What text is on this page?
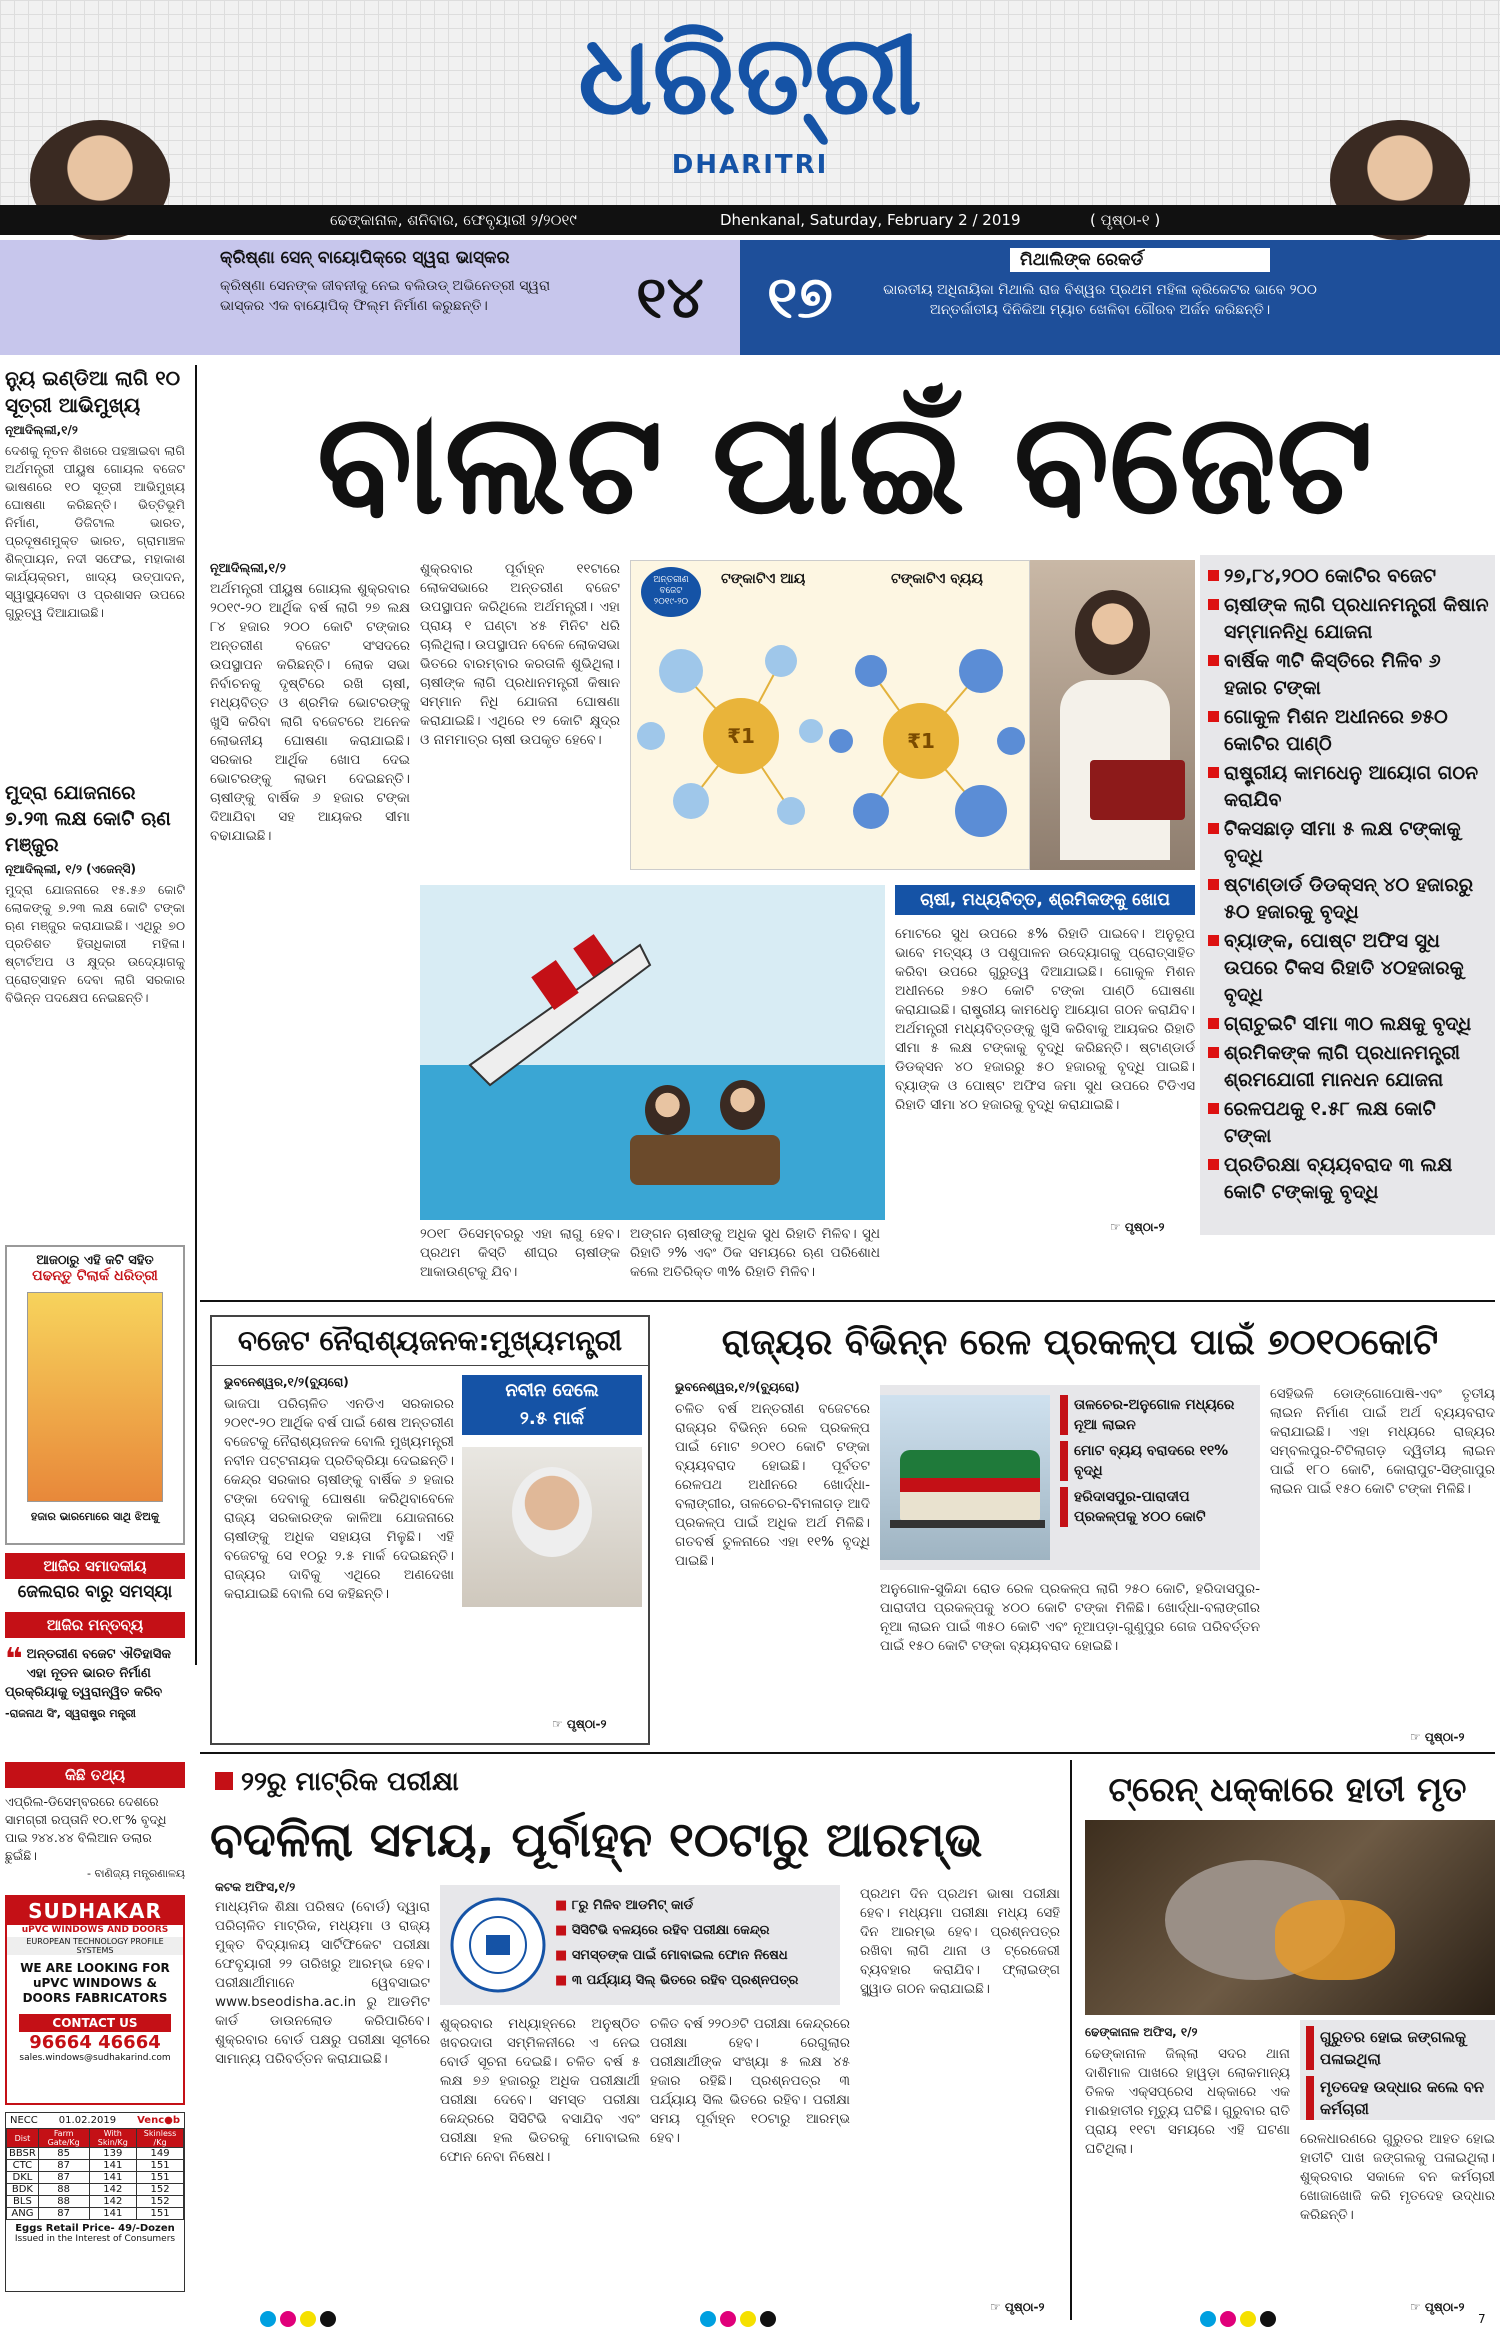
ଧରିତ୍ରୀ
DHARITRI
ଢେଙ୍କାନାଳ, ଶନିବାର, ଫେବୃୟାରୀ ୨/୨୦୧୯	Dhenkanal, Saturday, February 2 / 2019	( ପୃଷ୍ଠା-୧ )
କ୍ରିଷ୍ଣା ସେନ୍ ବାୟୋପିକ୍‌ରେ ସ୍ୱରା ଭାସ୍କର
କ୍ରିଷ୍ଣା ସେନଙ୍କ ଜୀବନୀକୁ ନେଇ ବଲିଉଡ୍ ଅଭିନେତ୍ରୀ ସ୍ୱରା ଭାସ୍କର ଏକ ବାୟୋପିକ୍ ଫିଲ୍ମ ନିର୍ମାଣ କରୁଛନ୍ତି।	୧୪	୧୭
ମିଥାଲିଙ୍କ ରେକର୍ଡ
ଭାରତୀୟ ଅଧିନାୟିକା ମିଥାଲି ରାଜ ବିଶ୍ୱର ପ୍ରଥମ ମହିଳା କ୍ରିକେଟର ଭାବେ ୨୦୦ ଅନ୍ତର୍ଜାତୀୟ ଦିନିକିଆ ମ୍ୟାଚ ଖେଳିବା ଗୌରବ ଅର୍ଜନ କରିଛନ୍ତି।
ନ୍ୟୁ ଇଣ୍ଡିଆ ଲାଗି ୧୦ ସୂତ୍ରୀ ଆଭିମୁଖ୍ୟ
ନୂଆଦିଲ୍ଲୀ,୧/୨
ଦେଶକୁ ନୂତନ ଶିଖରେ ପହଞ୍ଚାଇବା ଲାଗି ଅର୍ଥମନ୍ତ୍ରୀ ପୀୟୁଷ ଗୋୟଲ ବଜେଟ ଭାଷଣରେ ୧୦ ସୂତ୍ରୀ ଆଭିମୁଖ୍ୟ ଘୋଷଣା କରିଛନ୍ତି। ଭିତ୍ତିଭୂମି ନିର୍ମାଣ, ଡିଜିଟାଲ ଭାରତ, ପ୍ରଦୂଷଣମୁକ୍ତ ଭାରତ, ଗ୍ରାମାଞ୍ଚଳ ଶିଳ୍ପାୟନ, ନଦୀ ସଫେଇ, ମହାକାଶ କାର୍ଯ୍ୟକ୍ରମ, ଖାଦ୍ୟ ଉତ୍ପାଦନ, ସ୍ୱାସ୍ଥ୍ୟସେବା ଓ ପ୍ରଶାସନ ଉପରେ ଗୁରୁତ୍ୱ ଦିଆଯାଇଛି।
ମୁଦ୍ରା ଯୋଜନାରେ ୭.୨୩ ଲକ୍ଷ କୋଟି ଋଣ ମଞ୍ଜୁର
ନୂଆଦିଲ୍ଲୀ, ୧/୨ (ଏଜେନ୍ସି)
ମୁଦ୍ରା ଯୋଜନାରେ ୧୫.୫୬ କୋଟି ଲୋକଙ୍କୁ ୭.୨୩ ଲକ୍ଷ କୋଟି ଟଙ୍କା ଋଣ ମଞ୍ଜୁର କରାଯାଇଛି। ଏଥିରୁ ୭୦ ପ୍ରତିଶତ ହିତାଧିକାରୀ ମହିଳା। ଷ୍ଟାର୍ଟଅପ ଓ କ୍ଷୁଦ୍ର ଉଦ୍ୟୋଗକୁ ପ୍ରୋତ୍ସାହନ ଦେବା ଲାଗି ସରକାର ବିଭିନ୍ନ ପଦକ୍ଷେପ ନେଇଛନ୍ତି।
ଆଜଠାରୁ ଏହି କଟି ସହିତ
ପଢନ୍ତୁ ଟିଲାର୍କ ଧରିତ୍ରୀ
ହଜାର ଭାରମୋରେ ସାଥି ଝିଅକୁ
ଆଜିର ସମାଦକୀୟ
ଜେଲରାର ବାରୁ ସମସ୍ୟା
ଆଜିର ମନ୍ତବ୍ୟ
❝ ଅନ୍ତରୀଣ ବଜେଟ ଐତିହାସିକ ଏହା ନୂତନ ଭାରତ ନିର୍ମାଣ ପ୍ରକ୍ରିୟାକୁ ତ୍ୱରାନ୍ୱିତ କରିବ
-ରାଜନାଥ ସିଂ, ସ୍ୱରାଷ୍ଟ୍ର ମନ୍ତ୍ରୀ
କିଛି ତଥ୍ୟ
ଏପ୍ରିଲ-ଡିସେମ୍ବରରେ ଦେଶରେ ସାମଗ୍ରୀ ରପ୍ତାନି ୧୦.୧୮% ବୃଦ୍ଧି ପାଇ ୨୪୪.୪୪ ବିଲିଆନ ଡଲାର ଛୁଇଁଛି।
- ବାଣିଜ୍ୟ ମନ୍ତ୍ରଣାଳୟ
SUDHAKAR
uPVC WINDOWS AND DOORS
EUROPEAN TECHNOLOGY PROFILE SYSTEMS
WE ARE LOOKING FOR
uPVC WINDOWS &
DOORS FABRICATORS
CONTACT US
96664 46664
sales.windows@sudhakarind.com
NECC 01.02.2019 Venc●b
Dist	Farm Gate/Kg	With Skin/Kg	Skinless /Kg
BBSR	85	139	149
CTC	87	141	151
DKL	87	141	151
BDK	88	142	152
BLS	88	142	152
ANG	87	141	151
Eggs Retail Price- 49/-Dozen
Issued in the Interest of Consumers
ବାଲଟ ପାଇଁ ବଜେଟ
ନୂଆଦିଲ୍ଲୀ,୧/୨
ଅର୍ଥମନ୍ତ୍ରୀ ପୀୟୁଷ ଗୋୟଲ ଶୁକ୍ରବାର ୨୦୧୯-୨୦ ଆର୍ଥିକ ବର୍ଷ ଲାଗି ୨୭ ଲକ୍ଷ ୮୪ ହଜାର ୨୦୦ କୋଟି ଟଙ୍କାର ଅନ୍ତରୀଣ ବଜେଟ ସଂସଦରେ ଉପସ୍ଥାପନ କରିଛନ୍ତି। ଲୋକ ସଭା ନିର୍ବାଚନକୁ ଦୃଷ୍ଟିରେ ରଖି ଚାଷୀ, ମଧ୍ୟବିତ୍ତ ଓ ଶ୍ରମିକ ଭୋଟରଙ୍କୁ ଖୁସି କରିବା ଲାଗି ବଜେଟରେ ଅନେକ ଲୋଭନୀୟ ଘୋଷଣା କରାଯାଇଛି। ସରକାର ଆର୍ଥିକ ଖୋପ ଦେଇ ଭୋଟରଙ୍କୁ ଲାଭମ ଦେଇଛନ୍ତି। ଚାଷୀଙ୍କୁ ବାର୍ଷିକ ୬ ହଜାର ଟଙ୍କା ଦିଆଯିବା ସହ ଆୟକର ସୀମା ବଢାଯାଇଛି।
ଶୁକ୍ରବାର ପୂର୍ବାହ୍ନ ୧୧ଟାରେ ଲୋକସଭାରେ ଅନ୍ତରୀଣ ବଜେଟ ଉପସ୍ଥାପନ କରିଥିଲେ ଅର୍ଥମନ୍ତ୍ରୀ। ଏହା ପ୍ରାୟ ୧ ଘଣ୍ଟା ୪୫ ମିନିଟ ଧରି ଚାଲିଥିଲା। ଉପସ୍ଥାପନ ବେଳେ ଲୋକସଭା ଭିତରେ ବାରମ୍ବାର କରତାଳି ଶୁଭିଥିଲା। ଚାଷୀଙ୍କ ଲାଗି ପ୍ରଧାନମନ୍ତ୍ରୀ କିଷାନ ସମ୍ମାନ ନିଧି ଯୋଜନା ଘୋଷଣା କରାଯାଇଛି। ଏଥିରେ ୧୨ କୋଟି କ୍ଷୁଦ୍ର ଓ ନାମମାତ୍ର ଚାଷୀ ଉପକୃତ ହେବେ।
ଅନ୍ତରୀଣ ବଜେଟ ୨୦୧୯-୨୦
ଟଙ୍କାଟିଏ ଆୟ	ଟଙ୍କାଟିଏ ବ୍ୟୟ
₹1	₹1
୨୭,୮୪,୨୦୦ କୋଟିର ବଜେଟ
ଚାଷୀଙ୍କ ଲାଗି ପ୍ରଧାନମନ୍ତ୍ରୀ କିଷାନ ସମ୍ମାନନିଧି ଯୋଜନା
ବାର୍ଷିକ ୩ଟି କିସ୍ତିରେ ମିଳିବ ୬ ହଜାର ଟଙ୍କା
ଗୋକୁଳ ମିଶନ ଅଧୀନରେ ୭୫୦ କୋଟିର ପାଣ୍ଠି
ରାଷ୍ଟ୍ରୀୟ କାମଧେନୁ ଆୟୋଗ ଗଠନ କରାଯିବ
ଟିକସଛାଡ଼ ସୀମା ୫ ଲକ୍ଷ ଟଙ୍କାକୁ ବୃଦ୍ଧି
ଷ୍ଟାଣ୍ଡାର୍ଡ ଡିଡକ୍ସନ୍ ୪୦ ହଜାରରୁ ୫୦ ହଜାରକୁ ବୃଦ୍ଧି
ବ୍ୟାଙ୍କ, ପୋଷ୍ଟ ଅଫିସ ସୁଧ ଉପରେ ଟିକସ ରିହାତି ୪୦ହଜାରକୁ ବୃଦ୍ଧି
ଗ୍ରାଚୁଇଟି ସୀମା ୩୦ ଲକ୍ଷକୁ ବୃଦ୍ଧି
ଶ୍ରମିକଙ୍କ ଲାଗି ପ୍ରଧାନମନ୍ତ୍ରୀ ଶ୍ରମଯୋଗୀ ମାନଧନ ଯୋଜନା
ରେଳପଥକୁ ୧.୫୮ ଲକ୍ଷ କୋଟି ଟଙ୍କା
ପ୍ରତିରକ୍ଷା ବ୍ୟୟବରାଦ ୩ ଲକ୍ଷ କୋଟି ଟଙ୍କାକୁ ବୃଦ୍ଧି
ଚାଷୀ, ମଧ୍ୟବିତ୍ତ, ଶ୍ରମିକଙ୍କୁ ଖୋପ
ମୋଟରେ ସୁଧ ଉପରେ ୫% ରିହାତି ପାଇବେ। ଅନୁରୂପ ଭାବେ ମତ୍ସ୍ୟ ଓ ପଶୁପାଳନ ଉଦ୍ୟୋଗକୁ ପ୍ରୋତ୍ସାହିତ କରିବା ଉପରେ ଗୁରୁତ୍ୱ ଦିଆଯାଇଛି। ଗୋକୁଳ ମିଶନ ଅଧୀନରେ ୭୫୦ କୋଟି ଟଙ୍କା ପାଣ୍ଠି ଘୋଷଣା କରାଯାଇଛି। ରାଷ୍ଟ୍ରୀୟ କାମଧେନୁ ଆୟୋଗ ଗଠନ କରାଯିବ। ଅର୍ଥମନ୍ତ୍ରୀ ମଧ୍ୟବିତ୍ତଙ୍କୁ ଖୁସି କରିବାକୁ ଆୟକର ରିହାତି ସୀମା ୫ ଲକ୍ଷ ଟଙ୍କାକୁ ବୃଦ୍ଧି କରିଛନ୍ତି। ଷ୍ଟାଣ୍ଡାର୍ଡ ଡିଡକ୍ସନ ୪୦ ହଜାରରୁ ୫୦ ହଜାରକୁ ବୃଦ୍ଧି ପାଇଛି। ବ୍ୟାଙ୍କ ଓ ପୋଷ୍ଟ ଅଫିସ ଜମା ସୁଧ ଉପରେ ଟିଡିଏସ ରିହାତି ସୀମା ୪୦ ହଜାରକୁ ବୃଦ୍ଧି କରାଯାଇଛି।
☞ ପୃଷ୍ଠା-୨
୨୦୧୮ ଡିସେମ୍ବରରୁ ଏହା ଲାଗୁ ହେବ। ପ୍ରଥମ କିସ୍ତି ଶୀଘ୍ର ଚାଷୀଙ୍କ ଆକାଉଣ୍ଟକୁ ଯିବ।
ଅଙ୍ଗନ ଚାଷୀଙ୍କୁ ଅଧିକ ସୁଧ ରିହାତି ମିଳିବ। ସୁଧ ରିହାତି ୨% ଏବଂ ଠିକ ସମୟରେ ଋଣ ପରିଶୋଧ କଲେ ଅତିରିକ୍ତ ୩% ରିହାତି ମିଳିବ।
ବଜେଟ ନୈରାଶ୍ୟଜନକ:ମୁଖ୍ୟମନ୍ତ୍ରୀ
ଭୁବନେଶ୍ୱର,୧/୨(ବ୍ୟୁରୋ)	ନବୀନ ଦେଲେ
୨.୫ ମାର୍କ
ଭାଜପା ପରିଚାଳିତ ଏନଡିଏ ସରକାରର ୨୦୧୯-୨୦ ଆର୍ଥିକ ବର୍ଷ ପାଇଁ ଶେଷ ଅନ୍ତରୀଣ ବଜେଟକୁ ନୈରାଶ୍ୟଜନକ ବୋଲି ମୁଖ୍ୟମନ୍ତ୍ରୀ ନବୀନ ପଟ୍ଟନାୟକ ପ୍ରତିକ୍ରିୟା ଦେଇଛନ୍ତି। କେନ୍ଦ୍ର ସରକାର ଚାଷୀଙ୍କୁ ବାର୍ଷିକ ୬ ହଜାର ଟଙ୍କା ଦେବାକୁ ଘୋଷଣା କରିଥିବାବେଳେ ରାଜ୍ୟ ସରକାରଙ୍କ କାଳିଆ ଯୋଜନାରେ ଚାଷୀଙ୍କୁ ଅଧିକ ସହାୟତା ମିଳୁଛି। ଏହି ବଜେଟକୁ ସେ ୧୦ରୁ ୨.୫ ମାର୍କ ଦେଇଛନ୍ତି। ରାଜ୍ୟର ଦାବିକୁ ଏଥିରେ ଅଣଦେଖା କରାଯାଇଛି ବୋଲି ସେ କହିଛନ୍ତି।
☞ ପୃଷ୍ଠା-୨
ରାଜ୍ୟର ବିଭିନ୍ନ ରେଳ ପ୍ରକଳ୍ପ ପାଇଁ ୭୦୧୦କୋଟି
ଭୁବନେଶ୍ୱର,୧/୨(ବ୍ୟୁରୋ)
ତାଳଚେର-ଅନୁଗୋଳ ମଧ୍ୟରେ ନୂଆ ଲାଇନ
ମୋଟ ବ୍ୟୟ ବରାଦରେ ୧୧% ବୃଦ୍ଧି
ହରିଦାସପୁର-ପାରାଦୀପ ପ୍ରକଳ୍ପକୁ ୪୦୦ କୋଟି
ଚଳିତ ବର୍ଷ ଅନ୍ତରୀଣ ବଜେଟରେ ରାଜ୍ୟର ବିଭିନ୍ନ ରେଳ ପ୍ରକଳ୍ପ ପାଇଁ ମୋଟ ୭୦୧୦ କୋଟି ଟଙ୍କା ବ୍ୟୟବରାଦ ହୋଇଛି। ପୂର୍ବତଟ ରେଳପଥ ଅଧୀନରେ ଖୋର୍ଦ୍ଧା-ବଲାଙ୍ଗୀର, ତାଳଚେର-ବିମଳାଗଡ଼ ଆଦି ପ୍ରକଳ୍ପ ପାଇଁ ଅଧିକ ଅର୍ଥ ମିଳିଛି। ଗତବର୍ଷ ତୁଳନାରେ ଏହା ୧୧% ବୃଦ୍ଧି ପାଇଛି।
ଅନୁଗୋଳ-ସୁକିନ୍ଦା ରୋଡ ରେଳ ପ୍ରକଳ୍ପ ଲାଗି ୨୫୦ କୋଟି, ହରିଦାସପୁର-ପାରାଦୀପ ପ୍ରକଳ୍ପକୁ ୪୦୦ କୋଟି ଟଙ୍କା ମିଳିଛି। ଖୋର୍ଦ୍ଧା-ବଲାଙ୍ଗୀର ନୂଆ ଲାଇନ ପାଇଁ ୩୫୦ କୋଟି ଏବଂ ନୂଆପଡ଼ା-ଗୁଣୁପୁର ଗେଜ ପରିବର୍ତ୍ତନ ପାଇଁ ୧୫୦ କୋଟି ଟଙ୍କା ବ୍ୟୟବରାଦ ହୋଇଛି।
ସେହିଭଳି ଡୋଙ୍ଗୋପୋଷି-ଏବଂ ତୃତୀୟ ଲାଇନ ନିର୍ମାଣ ପାଇଁ ଅର୍ଥ ବ୍ୟୟବରାଦ କରାଯାଇଛି। ଏହା ମଧ୍ୟରେ ରାଜ୍ୟର ସମ୍ବଲପୁର-ଟିଟିଲାଗଡ଼ ଦ୍ୱିତୀୟ ଲାଇନ ପାଇଁ ୧୮୦ କୋଟି, କୋରାପୁଟ-ସିଙ୍ଗାପୁର ଲାଇନ ପାଇଁ ୧୫୦ କୋଟି ଟଙ୍କା ମିଳିଛି।
☞ ପୃଷ୍ଠା-୨
୨୨ରୁ ମାଟ୍ରିକ ପରୀକ୍ଷା
ବଦଳିଲା ସମୟ, ପୂର୍ବାହ୍ନ ୧୦ଟାରୁ ଆରମ୍ଭ
କଟକ ଅଫିସ,୧/୨
ମାଧ୍ୟମିକ ଶିକ୍ଷା ପରିଷଦ (ବୋର୍ଡ) ଦ୍ୱାରା ପରିଚାଳିତ ମାଟ୍ରିକ, ମଧ୍ୟମା ଓ ରାଜ୍ୟ ମୁକ୍ତ ବିଦ୍ୟାଳୟ ସାର୍ଟିଫିକେଟ ପରୀକ୍ଷା ଫେବୃୟାରୀ ୨୨ ତାରିଖରୁ ଆରମ୍ଭ ହେବ। ପରୀକ୍ଷାର୍ଥୀମାନେ ୱେବସାଇଟ www.bseodisha.ac.in ରୁ ଆଡମିଟ କାର୍ଡ ଡାଉନଲୋଡ କରିପାରିବେ। ଶୁକ୍ରବାର ବୋର୍ଡ ପକ୍ଷରୁ ପରୀକ୍ଷା ସୂଚୀରେ ସାମାନ୍ୟ ପରିବର୍ତ୍ତନ କରାଯାଇଛି।
■ ୮ରୁ ମିଳିବ ଆଡମିଟ୍ କାର୍ଡ
■ ସିସିଟିଭି ବଳୟରେ ରହିବ ପରୀକ୍ଷା କେନ୍ଦ୍ର
■ ସମସ୍ତଙ୍କ ପାଇଁ ମୋବାଇଲ ଫୋନ ନିଷେଧ
■ ୩ ପର୍ଯ୍ୟାୟ ସିଲ୍ ଭିତରେ ରହିବ ପ୍ରଶ୍ନପତ୍ର
ଶୁକ୍ରବାର ମଧ୍ୟାହ୍ନରେ ଅନୁଷ୍ଠିତ ଖବରଦାତା ସମ୍ମିଳନୀରେ ଏ ନେଇ ବୋର୍ଡ ସୂଚନା ଦେଇଛି। ଚଳିତ ବର୍ଷ ୫ ଲକ୍ଷ ୭୬ ହଜାରରୁ ଅଧିକ ପରୀକ୍ଷାର୍ଥୀ ପରୀକ୍ଷା ଦେବେ। ସମସ୍ତ ପରୀକ୍ଷା କେନ୍ଦ୍ରରେ ସିସିଟିଭି ବସାଯିବ ଏବଂ ପରୀକ୍ଷା ହଲ ଭିତରକୁ ମୋବାଇଲ ଫୋନ ନେବା ନିଷେଧ।
ଚଳିତ ବର୍ଷ ୨୨୦୬ଟି ପରୀକ୍ଷା କେନ୍ଦ୍ରରେ ପରୀକ୍ଷା ହେବ। ରେଗୁଲାର ପରୀକ୍ଷାର୍ଥୀଙ୍କ ସଂଖ୍ୟା ୫ ଲକ୍ଷ ୪୫ ହଜାର ରହିଛି। ପ୍ରଶ୍ନପତ୍ର ୩ ପର୍ଯ୍ୟାୟ ସିଲ ଭିତରେ ରହିବ। ପରୀକ୍ଷା ସମୟ ପୂର୍ବାହ୍ନ ୧୦ଟାରୁ ଆରମ୍ଭ ହେବ।
ପ୍ରଥମ ଦିନ ପ୍ରଥମ ଭାଷା ପରୀକ୍ଷା ହେବ। ମଧ୍ୟମା ପରୀକ୍ଷା ମଧ୍ୟ ସେହି ଦିନ ଆରମ୍ଭ ହେବ। ପ୍ରଶ୍ନପତ୍ର ରଖିବା ଲାଗି ଥାନା ଓ ଟ୍ରେଜେରୀ ବ୍ୟବହାର କରାଯିବ। ଫ୍ଲାଇଙ୍ଗ ସ୍କ୍ୱାଡ ଗଠନ କରାଯାଇଛି।
☞ ପୃଷ୍ଠା-୨
ଟ୍ରେନ୍ ଧକ୍କାରେ ହାତୀ ମୃତ
ଗୁରୁତର ହୋଇ ଜଙ୍ଗଲକୁ ପଳାଇଥିଲା
ମୃତଦେହ ଉଦ୍ଧାର କଲେ ବନ କର୍ମଚାରୀ
ଢେଙ୍କାନାଳ ଅଫିସ, ୧/୨
ଢେଙ୍କାନାଳ ଜିଲ୍ଲା ସଦର ଥାନା ଦାଶିମାଳ ପାଖରେ ହାୱଡ଼ା ଲୋକମାନ୍ୟ ତିଳକ ଏକ୍ସପ୍ରେସ ଧକ୍କାରେ ଏକ ମାଈହାତୀର ମୃତ୍ୟୁ ଘଟିଛି। ଗୁରୁବାର ରାତି ପ୍ରାୟ ୧୧ଟା ସମୟରେ ଏହି ଘଟଣା ଘଟିଥିଲା।
ରେଳଧାରଣରେ ଗୁରୁତର ଆହତ ହୋଇ ହାତୀଟି ପାଖ ଜଙ୍ଗଲକୁ ପଳାଇଥିଲା। ଶୁକ୍ରବାର ସକାଳେ ବନ କର୍ମଚାରୀ ଖୋଜାଖୋଜି କରି ମୃତଦେହ ଉଦ୍ଧାର କରିଛନ୍ତି।
☞ ପୃଷ୍ଠା-୨
7
